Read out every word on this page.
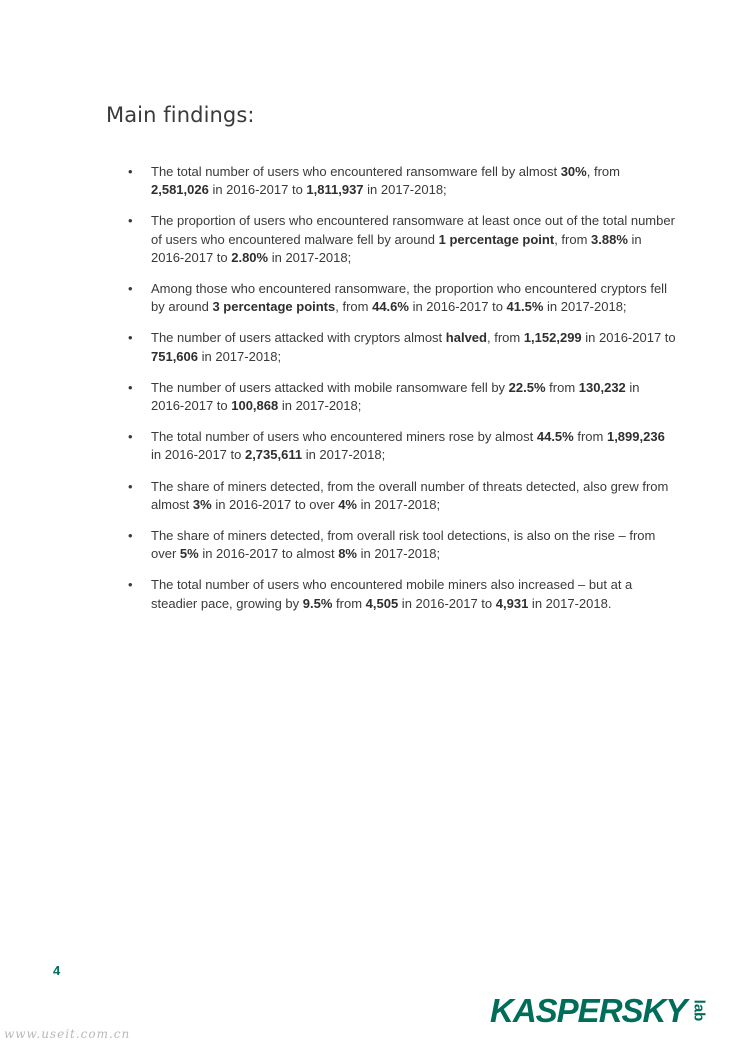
Main findings:
• The total number of users who encountered ransomware fell by almost 30%, from 2,581,026 in 2016-2017 to 1,811,937 in 2017-2018;
• The proportion of users who encountered ransomware at least once out of the total number of users who encountered malware fell by around 1 percentage point, from 3.88% in 2016-2017 to 2.80% in 2017-2018;
• Among those who encountered ransomware, the proportion who encountered cryptors fell by around 3 percentage points, from 44.6% in 2016-2017 to 41.5% in 2017-2018;
• The number of users attacked with cryptors almost halved, from 1,152,299 in 2016-2017 to 751,606 in 2017-2018;
• The number of users attacked with mobile ransomware fell by 22.5% from 130,232 in 2016-2017 to 100,868 in 2017-2018;
• The total number of users who encountered miners rose by almost 44.5% from 1,899,236 in 2016-2017 to 2,735,611 in 2017-2018;
• The share of miners detected, from the overall number of threats detected, also grew from almost 3% in 2016-2017 to over 4% in 2017-2018;
• The share of miners detected, from overall risk tool detections, is also on the rise – from over 5% in 2016-2017 to almost 8% in 2017-2018;
• The total number of users who encountered mobile miners also increased – but at a steadier pace, growing by 9.5% from 4,505 in 2016-2017 to 4,931 in 2017-2018.
4
KASPERSKY lab
www.useit.com.cn
